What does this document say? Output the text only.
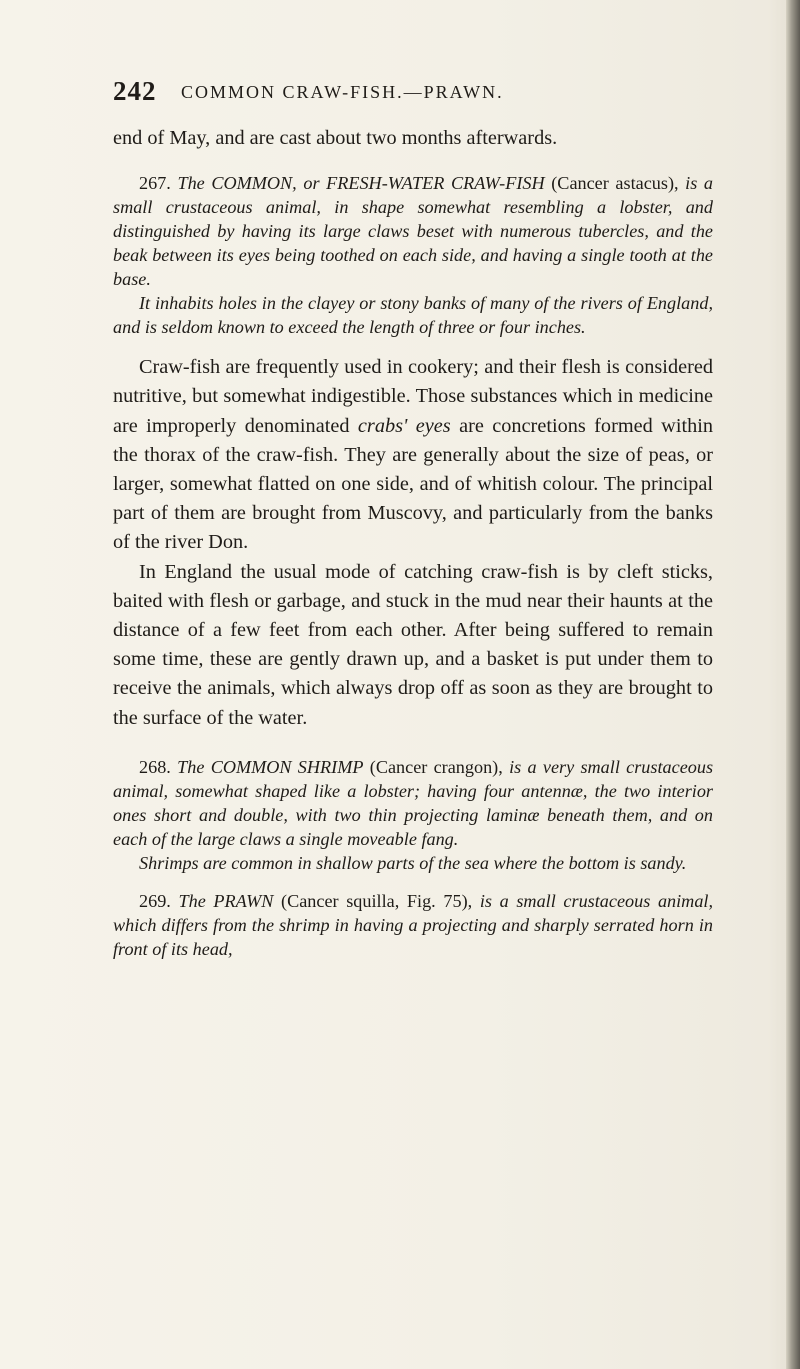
242 COMMON CRAW-FISH.—PRAWN.

end of May, and are cast about two months afterwards.

267. The COMMON, or FRESH-WATER CRAW-FISH (Cancer astacus), is a small crustaceous animal, in shape somewhat resembling a lobster, and distinguished by having its large claws beset with numerous tubercles, and the beak between its eyes being toothed on each side, and having a single tooth at the base.

It inhabits holes in the clayey or stony banks of many of the rivers of England, and is seldom known to exceed the length of three or four inches.

Craw-fish are frequently used in cookery; and their flesh is considered nutritive, but somewhat indigestible. Those substances which in medicine are improperly denominated crabs' eyes are concretions formed within the thorax of the craw-fish. They are generally about the size of peas, or larger, somewhat flatted on one side, and of whitish colour. The principal part of them are brought from Muscovy, and particularly from the banks of the river Don.

In England the usual mode of catching craw-fish is by cleft sticks, baited with flesh or garbage, and stuck in the mud near their haunts at the distance of a few feet from each other. After being suffered to remain some time, these are gently drawn up, and a basket is put under them to receive the animals, which always drop off as soon as they are brought to the surface of the water.

268. The COMMON SHRIMP (Cancer crangon), is a very small crustaceous animal, somewhat shaped like a lobster; having four antennæ, the two interior ones short and double, with two thin projecting laminæ beneath them, and on each of the large claws a single moveable fang.

Shrimps are common in shallow parts of the sea where the bottom is sandy.

269. The PRAWN (Cancer squilla, Fig. 75), is a small crustaceous animal, which differs from the shrimp in having a projecting and sharply serrated horn in front of its head,
